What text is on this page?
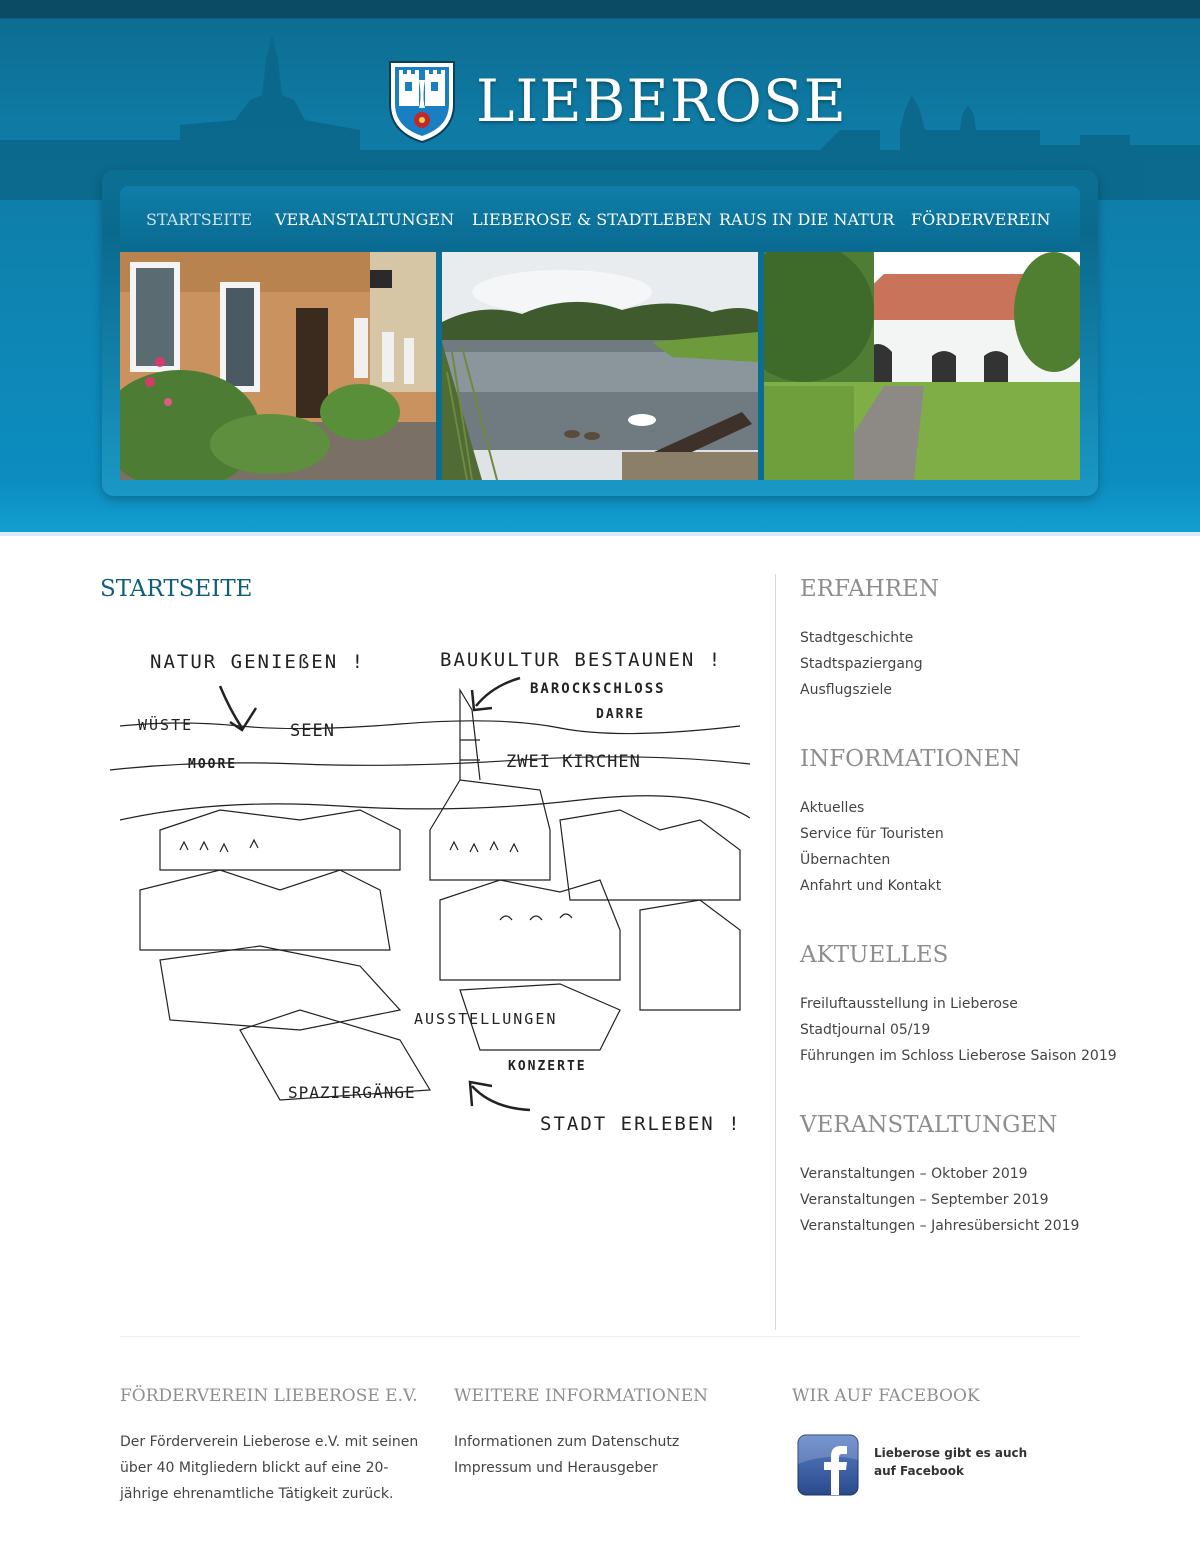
LIEBEROSE
STARTSEITE VERANSTALTUNGEN LIEBEROSE & STADTLEBEN RAUS IN DIE NATUR FÖRDERVEREIN
STARTSEITE
NATUR GENIEßEN !	BAUKULTUR BESTAUNEN !
BAROCKSCHLOSS
DARRE
WÜSTE	SEEN
MOORE	ZWEI KIRCHEN
AUSSTELLUNGEN
KONZERTE
SPAZIERGÄNGE
STADT ERLEBEN !
ERFAHREN
Stadtgeschichte
Stadtspaziergang
Ausflugsziele
INFORMATIONEN
Aktuelles
Service für Touristen
Übernachten
Anfahrt und Kontakt
AKTUELLES
Freiluftausstellung in Lieberose
Stadtjournal 05/19
Führungen im Schloss Lieberose Saison 2019
VERANSTALTUNGEN
Veranstaltungen – Oktober 2019
Veranstaltungen – September 2019
Veranstaltungen – Jahresübersicht 2019
FÖRDERVEREIN LIEBEROSE E.V.
Der Förderverein Lieberose e.V. mit seinen
über 40 Mitgliedern blickt auf eine 20-
jährige ehrenamtliche Tätigkeit zurück.
WEITERE INFORMATIONEN
Informationen zum Datenschutz
Impressum und Herausgeber
WIR AUF FACEBOOK
Lieberose gibt es auch
auf Facebook
